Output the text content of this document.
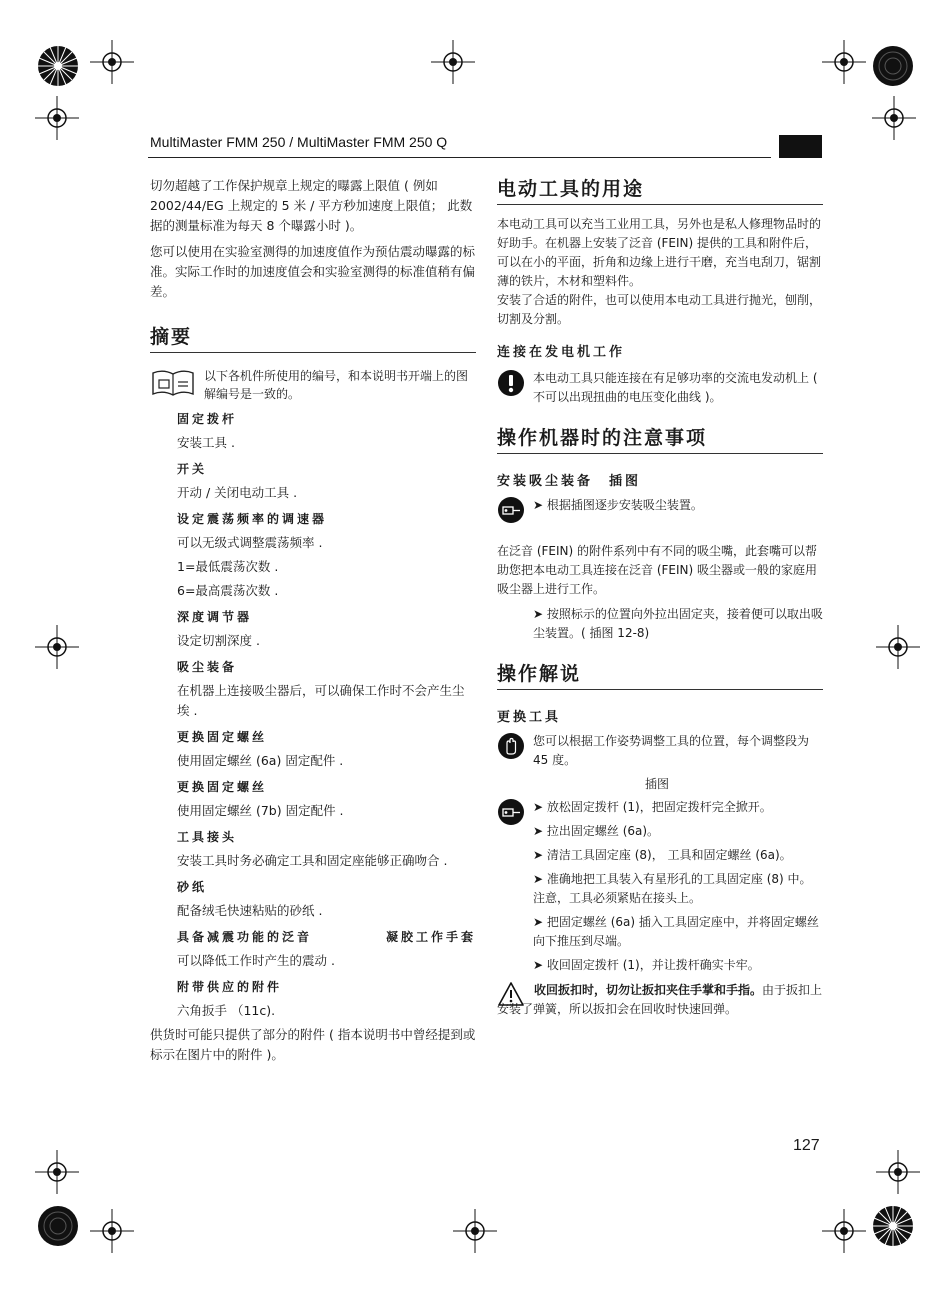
MultiMaster FMM 250 / MultiMaster FMM 250 Q

切勿超越了工作保护规章上规定的曝露上限值 ( 例如 2002/44/EG 上规定的 5 米 / 平方秒加速度上限值； 此数据的测量标准为每天 8 个曝露小时 )。

您可以使用在实验室测得的加速度值作为预估震动曝露的标准。实际工作时的加速度值会和实验室测得的标准值稍有偏差。

摘要

以下各机件所使用的编号，和本说明书开端上的图解编号是一致的。

固定拨杆
安装工具 .
开关
开动 / 关闭电动工具 .
设定震荡频率的调速器
可以无级式调整震荡频率 .
1=最低震荡次数 .
6=最高震荡次数 .
深度调节器
设定切割深度 .
吸尘装备
在机器上连接吸尘器后，可以确保工作时不会产生尘埃 .
更换固定螺丝
使用固定螺丝 (6a) 固定配件 .
更换固定螺丝
使用固定螺丝 (7b) 固定配件 .
工具接头
安装工具时务必确定工具和固定座能够正确吻合 .
砂纸
配备绒毛快速粘贴的砂纸 .
具备减震功能的泛音	凝胶工作手套
可以降低工作时产生的震动 .
附带供应的附件
六角扳手 （11c).

供货时可能只提供了部分的附件 ( 指本说明书中曾经提到或标示在图片中的附件 )。

电动工具的用途

本电动工具可以充当工业用工具，另外也是私人修理物品时的好助手。在机器上安装了泛音 (FEIN) 提供的工具和附件后，可以在小的平面，折角和边缘上进行干磨，充当电刮刀，锯割薄的铁片，木材和塑料件。

安装了合适的附件，也可以使用本电动工具进行抛光，刨削，切割及分割。

连接在发电机工作

本电动工具只能连接在有足够功率的交流电发动机上 ( 不可以出现扭曲的电压变化曲线 )。

操作机器时的注意事项
安装吸尘装备　插图

➤ 根据插图逐步安装吸尘装置。

在泛音 (FEIN) 的附件系列中有不同的吸尘嘴，此套嘴可以帮助您把本电动工具连接在泛音 (FEIN) 吸尘器或一般的家庭用吸尘器上进行工作。

➤ 按照标示的位置向外拉出固定夹，接着便可以取出吸尘装置。( 插图 12-8)

操作解说
更换工具

您可以根据工作姿势调整工具的位置，每个调整段为 45 度。

插图

➤ 放松固定拨杆 (1)，把固定拨杆完全掀开。

➤ 拉出固定螺丝 (6a)。

➤ 清洁工具固定座 (8)， 工具和固定螺丝 (6a)。

➤ 准确地把工具装入有星形孔的工具固定座 (8) 中。注意，工具必须紧贴在接头上。

➤ 把固定螺丝 (6a) 插入工具固定座中，并将固定螺丝向下推压到尽端。

➤ 收回固定拨杆 (1)，并让拨杆确实卡牢。

收回扳扣时，切勿让扳扣夹住手掌和手指。由于扳扣上安装了弹簧，所以扳扣会在回收时快速回弹。

127
